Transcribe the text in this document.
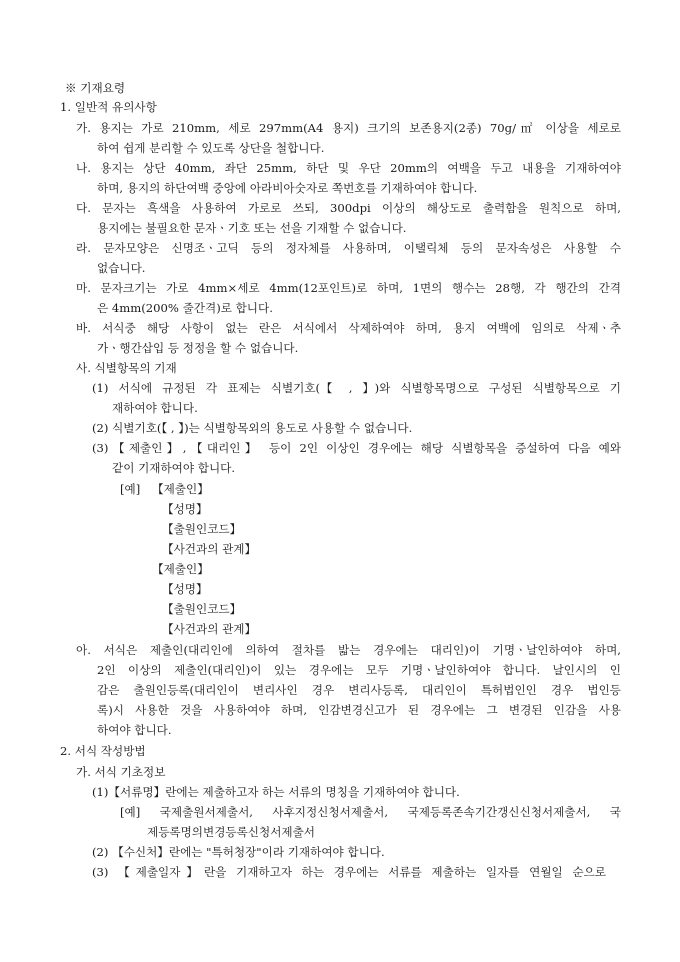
※ 기재요령
1. 일반적 유의사항
가. 용지는 가로 210mm, 세로 297mm(A4 용지) 크기의 보존용지(2종) 70g/㎡ 이상을 세로로
하여 쉽게 분리할 수 있도록 상단을 철합니다.
나. 용지는 상단 40mm, 좌단 25mm, 하단 및 우단 20mm의 여백을 두고 내용을 기재하여야
하며, 용지의 하단여백 중앙에 아라비아숫자로 쪽번호를 기재하여야 합니다.
다. 문자는 흑색을 사용하여 가로로 쓰되, 300dpi 이상의 해상도로 출력함을 원칙으로 하며,
용지에는 불필요한 문자ㆍ기호 또는 선을 기재할 수 없습니다.
라. 문자모양은 신명조ㆍ고딕 등의 정자체를 사용하며, 이탤릭체 등의 문자속성은 사용할 수
없습니다.
마. 문자크기는 가로 4mm×세로 4mm(12포인트)로 하며, 1면의 행수는 28행, 각 행간의 간격
은 4mm(200% 줄간격)로 합니다.
바. 서식중 해당 사항이 없는 란은 서식에서 삭제하여야 하며, 용지 여백에 임의로 삭제ㆍ추
가ㆍ행간삽입 등 정정을 할 수 없습니다.
사. 식별항목의 기재
(1) 서식에 규정된 각 표제는 식별기호(【 , 】)와 식별항목명으로 구성된 식별항목으로 기
재하여야 합니다.
(2) 식별기호(【 , 】)는 식별항목외의 용도로 사용할 수 없습니다.
(3)【제출인】,【대리인】 등이 2인 이상인 경우에는 해당 식별항목을 증설하여 다음 예와
같이 기재하여야 합니다.
[예] 【제출인】
【성명】
【출원인코드】
【사건과의 관계】
【제출인】
【성명】
【출원인코드】
【사건과의 관계】
아. 서식은 제출인(대리인에 의하여 절차를 밟는 경우에는 대리인)이 기명ㆍ날인하여야 하며,
2인 이상의 제출인(대리인)이 있는 경우에는 모두 기명ㆍ날인하여야 합니다. 날인시의 인
감은 출원인등록(대리인이 변리사인 경우 변리사등록, 대리인이 특허법인인 경우 법인등
록)시 사용한 것을 사용하여야 하며, 인감변경신고가 된 경우에는 그 변경된 인감을 사용
하여야 합니다.
2. 서식 작성방법
가. 서식 기초정보
(1)【서류명】란에는 제출하고자 하는 서류의 명칭을 기재하여야 합니다.
[예] 국제출원서제출서, 사후지정신청서제출서, 국제등록존속기간갱신신청서제출서, 국
제등록명의변경등록신청서제출서
(2) 【수신처】란에는 "특허청장"이라 기재하여야 합니다.
(3) 【제출일자】란을 기재하고자 하는 경우에는 서류를 제출하는 일자를 연월일 순으로
